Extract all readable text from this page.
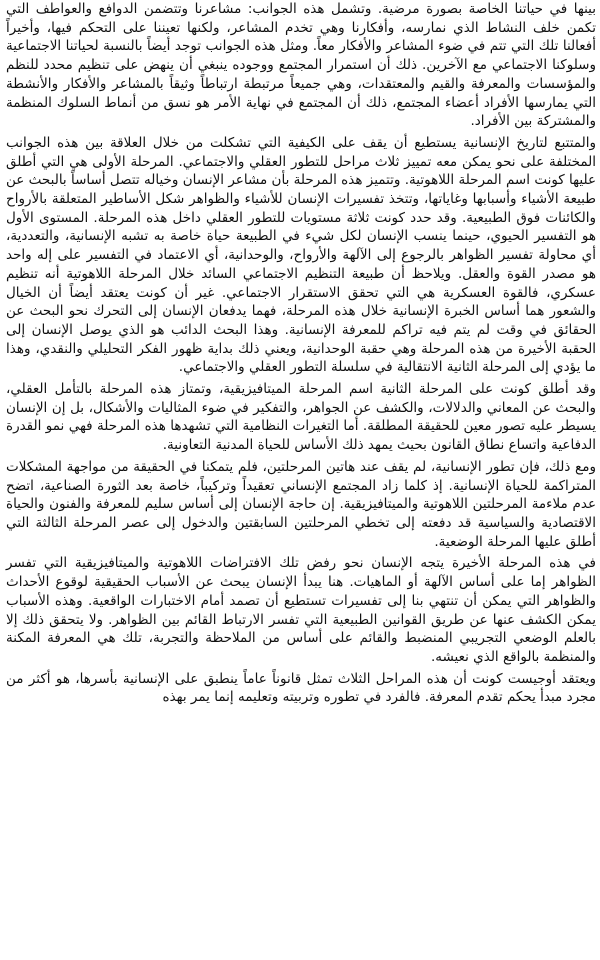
بينها في حياتنا الخاصة بصورة مرضية. وتشمل هذه الجوانب: مشاعرنا وتتضمن الدوافع والعواطف التي تكمن خلف النشاط الذي نمارسه، وأفكارنا وهي تخدم المشاعر، ولكنها تعيننا على التحكم فيها، وأخيراً أفعالنا تلك التي تتم في ضوء المشاعر والأفكار معاً. ومثل هذه الجوانب توجد أيضاً بالنسبة لحياتنا الاجتماعية وسلوكنا الاجتماعي مع الآخرين. ذلك أن استمرار المجتمع ووجوده ينبغي أن ينهض على تنظيم محدد للنظم والمؤسسات والمعرفة والقيم والمعتقدات، وهي جميعاً مرتبطة ارتباطاً وثيقاً بالمشاعر والأفكار والأنشطة التي يمارسها الأفراد أعضاء المجتمع، ذلك أن المجتمع في نهاية الأمر هو نسق من أنماط السلوك المنظمة والمشتركة بين الأفراد.

والمتتبع لتاريخ الإنسانية يستطيع أن يقف على الكيفية التي تشكلت من خلال العلاقة بين هذه الجوانب المختلفة على نحو يمكن معه تمييز ثلاث مراحل للتطور العقلي والاجتماعي. المرحلة الأولى هي التي أطلق عليها كونت اسم المرحلة اللاهوتية. وتتميز هذه المرحلة بأن مشاعر الإنسان وخياله تتصل أساساً بالبحث عن طبيعة الأشياء وأسبابها وغاياتها، وتتخذ تفسيرات الإنسان للأشياء والظواهر شكل الأساطير المتعلقة بالأرواح والكائنات فوق الطبيعية. وقد حدد كونت ثلاثة مستويات للتطور العقلي داخل هذه المرحلة. المستوى الأول هو التفسير الحيوي، حينما ينسب الإنسان لكل شيء في الطبيعة حياة خاصة به تشبه الإنسانية، والتعددية، أي محاولة تفسير الظواهر بالرجوع إلى الآلهة والأرواح، والوحدانية، أي الاعتماد في التفسير على إله واحد هو مصدر القوة والعقل. ويلاحظ أن طبيعة التنظيم الاجتماعي السائد خلال المرحلة اللاهوتية أنه تنظيم عسكري، فالقوة العسكرية هي التي تحقق الاستقرار الاجتماعي. غير أن كونت يعتقد أيضاً أن الخيال والشعور هما أساس الخبرة الإنسانية خلال هذه المرحلة، فهما يدفعان الإنسان إلى التحرك نحو البحث عن الحقائق في وقت لم يتم فيه تراكم للمعرفة الإنسانية. وهذا البحث الدائب هو الذي يوصل الإنسان إلى الحقبة الأخيرة من هذه المرحلة وهي حقبة الوحدانية، ويعني ذلك بداية ظهور الفكر التحليلي والنقدي، وهذا ما يؤدي إلى المرحلة الثانية الانتقالية في سلسلة التطور العقلي والاجتماعي.

وقد أطلق كونت على المرحلة الثانية اسم المرحلة الميتافيزيقية، وتمتاز هذه المرحلة بالتأمل العقلي، والبحث عن المعاني والدلالات، والكشف عن الجواهر، والتفكير في ضوء المثاليات والأشكال، بل إن الإنسان يسيطر عليه تصور معين للحقيقة المطلقة. أما التغيرات النظامية التي تشهدها هذه المرحلة فهي نمو القدرة الدفاعية واتساع نطاق القانون بحيث يمهد ذلك الأساس للحياة المدنية التعاونية.

ومع ذلك، فإن تطور الإنسانية، لم يقف عند هاتين المرحلتين، فلم يتمكنا في الحقيقة من مواجهة المشكلات المتراكمة للحياة الإنسانية. إذ كلما زاد المجتمع الإنساني تعقيداً وتركيباً، خاصة بعد الثورة الصناعية، اتضح عدم ملاءمة المرحلتين اللاهوتية والميتافيزيقية. إن حاجة الإنسان إلى أساس سليم للمعرفة والفنون والحياة الاقتصادية والسياسية قد دفعته إلى تخطي المرحلتين السابقتين والدخول إلى عصر المرحلة الثالثة التي أطلق عليها المرحلة الوضعية.

في هذه المرحلة الأخيرة يتجه الإنسان نحو رفض تلك الافتراضات اللاهوتية والميتافيزيقية التي تفسر الظواهر إما على أساس الآلهة أو الماهيات. هنا يبدأ الإنسان يبحث عن الأسباب الحقيقية لوقوع الأحداث والظواهر التي يمكن أن تنتهي بنا إلى تفسيرات تستطيع أن تصمد أمام الاختبارات الواقعية. وهذه الأسباب يمكن الكشف عنها عن طريق القوانين الطبيعية التي تفسر الارتباط القائم بين الظواهر. ولا يتحقق ذلك إلا بالعلم الوضعي التجريبي المنضبط والقائم على أساس من الملاحظة والتجربة، تلك هي المعرفة المكنة والمنظمة بالواقع الذي نعيشه.

ويعتقد أوجيست كونت أن هذه المراحل الثلاث تمثل قانوناً عاماً ينطبق على الإنسانية بأسرها، هو أكثر من مجرد مبدأ يحكم تقدم المعرفة. فالفرد في تطوره وتربيته وتعليمه إنما يمر بهذه
